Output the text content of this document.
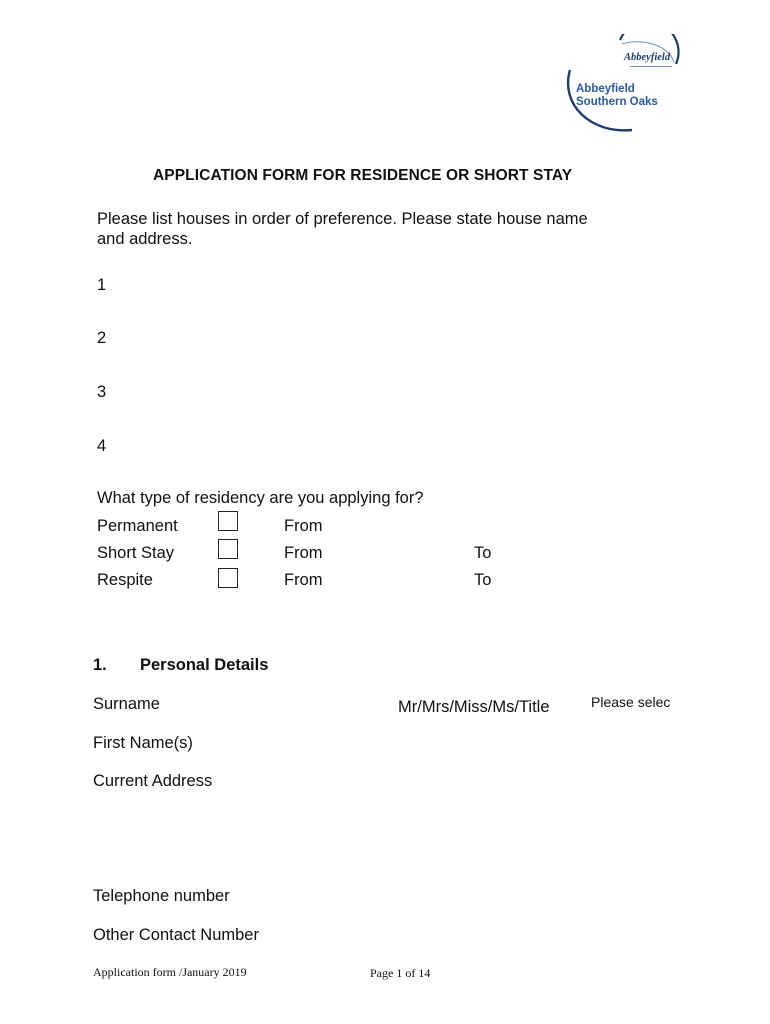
Abbeyfield
Abbeyfield
Southern Oaks
APPLICATION FORM FOR RESIDENCE OR SHORT STAY
Please list houses in order of preference. Please state house name
and address.
1
2
3
4
What type of residency are you applying for?
Permanent	From
Short Stay	From	To
Respite	From	To
1. Personal Details
Surname	Mr/Mrs/Miss/Ms/Title	Please selec
First Name(s)
Current Address
Telephone number
Other Contact Number
Application form /January 2019	Page 1 of 14
